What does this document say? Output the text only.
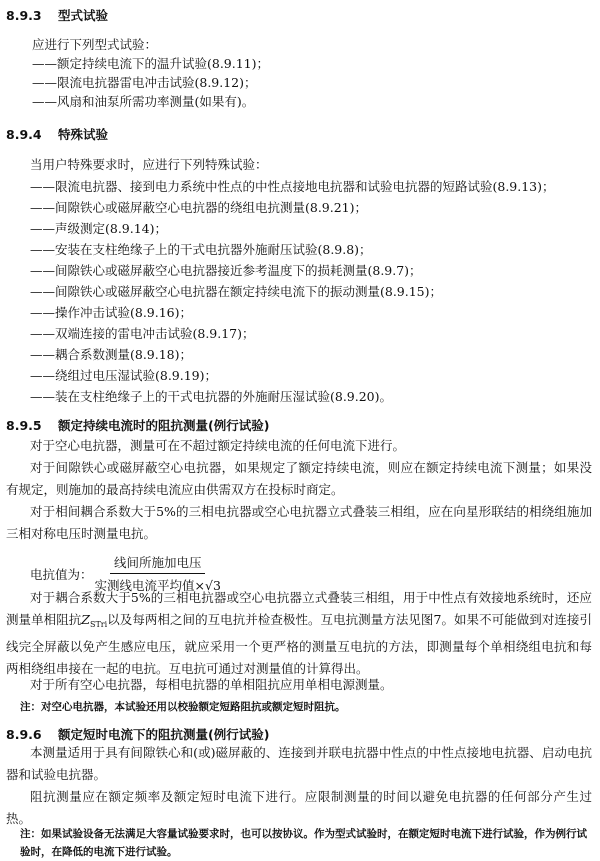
8.9.3 型式试验
应进行下列型式试验：
——额定持续电流下的温升试验(8.9.11)；
——限流电抗器雷电冲击试验(8.9.12)；
——风扇和油泵所需功率测量(如果有)。
8.9.4 特殊试验
当用户特殊要求时，应进行下列特殊试验：
——限流电抗器、接到电力系统中性点的中性点接地电抗器和试验电抗器的短路试验(8.9.13)；
——间隙铁心或磁屏蔽空心电抗器的绕组电抗测量(8.9.21)；
——声级测定(8.9.14)；
——安装在支柱绝缘子上的干式电抗器外施耐压试验(8.9.8)；
——间隙铁心或磁屏蔽空心电抗器接近参考温度下的损耗测量(8.9.7)；
——间隙铁心或磁屏蔽空心电抗器在额定持续电流下的振动测量(8.9.15)；
——操作冲击试验(8.9.16)；
——双端连接的雷电冲击试验(8.9.17)；
——耦合系数测量(8.9.18)；
——绕组过电压湿试验(8.9.19)；
——装在支柱绝缘子上的干式电抗器的外施耐压湿试验(8.9.20)。
8.9.5 额定持续电流时的阻抗测量(例行试验)
对于空心电抗器，测量可在不超过额定持续电流的任何电流下进行。
对于间隙铁心或磁屏蔽空心电抗器，如果规定了额定持续电流，则应在额定持续电流下测量；如果没有规定，则施加的最高持续电流应由供需双方在投标时商定。
对于相间耦合系数大于5%的三相电抗器或空心电抗器立式叠装三相组，应在向星形联结的相绕组施加三相对称电压时测量电抗。
电抗值为： $\frac{\text{线间所施加电压}}{\text{实测线电流平均值×√3}}$
对于耦合系数大于5%的三相电抗器或空心电抗器立式叠装三相组，用于中性点有效接地系统时，还应测量单相阻抗$Z_{STri}$以及每两相之间的互电抗并检查极性。互电抗测量方法见图7。如果不可能做到对连接引线完全屏蔽以免产生感应电压，就应采用一个更严格的测量互电抗的方法，即测量每个单相绕组电抗和每两相绕组串接在一起的电抗。互电抗可通过对测量值的计算得出。
对于所有空心电抗器，每相电抗器的单相阻抗应用单相电源测量。
注：对空心电抗器，本试验还用以校验额定短路阻抗或额定短时阻抗。
8.9.6 额定短时电流下的阻抗测量(例行试验)
本测量适用于具有间隙铁心和(或)磁屏蔽的、连接到并联电抗器中性点的中性点接地电抗器、启动电抗器和试验电抗器。
阻抗测量应在额定频率及额定短时电流下进行。应限制测量的时间以避免电抗器的任何部分产生过热。
注：如果试验设备无法满足大容量试验要求时，也可以按协议。作为型式试验时，在额定短时电流下进行试验，作为例行试验时，在降低的电流下进行试验。
